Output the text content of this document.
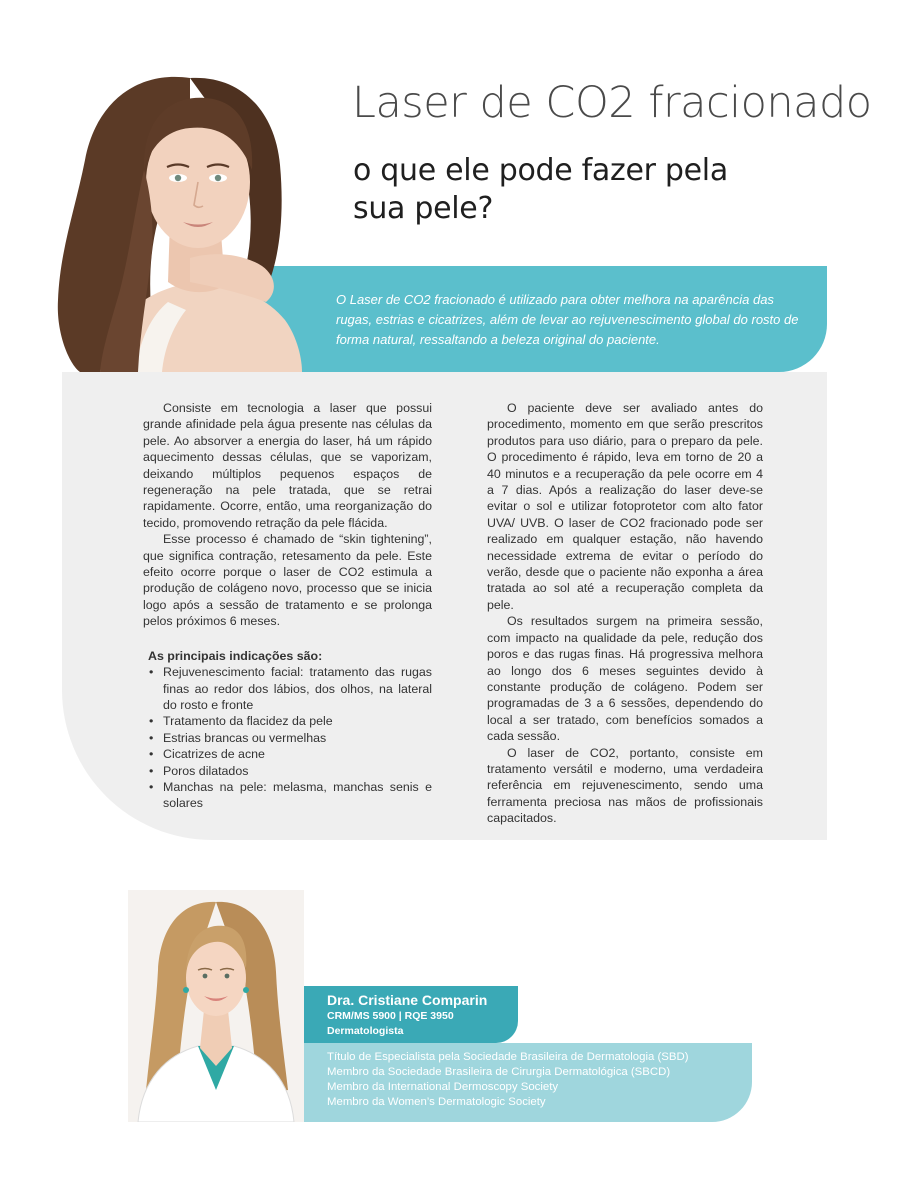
Laser de CO2 fracionado
o que ele pode fazer pela
sua pele?
O Laser de CO2 fracionado é utilizado para obter melhora na aparência das rugas, estrias e cicatrizes, além de levar ao rejuvenescimento global do rosto de forma natural, ressaltando a beleza original do paciente.

Consiste em tecnologia a laser que possui grande afinidade pela água presente nas células da pele. Ao absorver a energia do laser, há um rápido aquecimento dessas células, que se vaporizam, deixando múltiplos pequenos espaços de regeneração na pele tratada, que se retrai rapidamente. Ocorre, então, uma reorganização do tecido, promovendo retração da pele flácida.

Esse processo é chamado de “skin tightening”, que significa contração, retesamento da pele. Este efeito ocorre porque o laser de CO2 estimula a produção de colágeno novo, processo que se inicia logo após a sessão de tratamento e se prolonga pelos próximos 6 meses.

As principais indicações são:
• Rejuvenescimento facial: tratamento das rugas finas ao redor dos lábios, dos olhos, na lateral do rosto e fronte
• Tratamento da flacidez da pele
• Estrias brancas ou vermelhas
• Cicatrizes de acne
• Poros dilatados
• Manchas na pele: melasma, manchas senis e solares

O paciente deve ser avaliado antes do procedimento, momento em que serão prescritos produtos para uso diário, para o preparo da pele. O procedimento é rápido, leva em torno de 20 a 40 minutos e a recuperação da pele ocorre em 4 a 7 dias. Após a realização do laser deve-se evitar o sol e utilizar fotoprotetor com alto fator UVA/ UVB. O laser de CO2 fracionado pode ser realizado em qualquer estação, não havendo necessidade extrema de evitar o período do verão, desde que o paciente não exponha a área tratada ao sol até a recuperação completa da pele.

Os resultados surgem na primeira sessão, com impacto na qualidade da pele, redução dos poros e das rugas finas. Há progressiva melhora ao longo dos 6 meses seguintes devido à constante produção de colágeno. Podem ser programadas de 3 a 6 sessões, dependendo do local a ser tratado, com benefícios somados a cada sessão.

O laser de CO2, portanto, consiste em tratamento versátil e moderno, uma verdadeira referência em rejuvenescimento, sendo uma ferramenta preciosa nas mãos de profissionais capacitados.

Dra. Cristiane Comparin
CRM/MS 5900 | RQE 3950
Dermatologista
Título de Especialista pela Sociedade Brasileira de Dermatologia (SBD)
Membro da Sociedade Brasileira de Cirurgia Dermatológica (SBCD)
Membro da International Dermoscopy Society
Membro da Women’s Dermatologic Society
